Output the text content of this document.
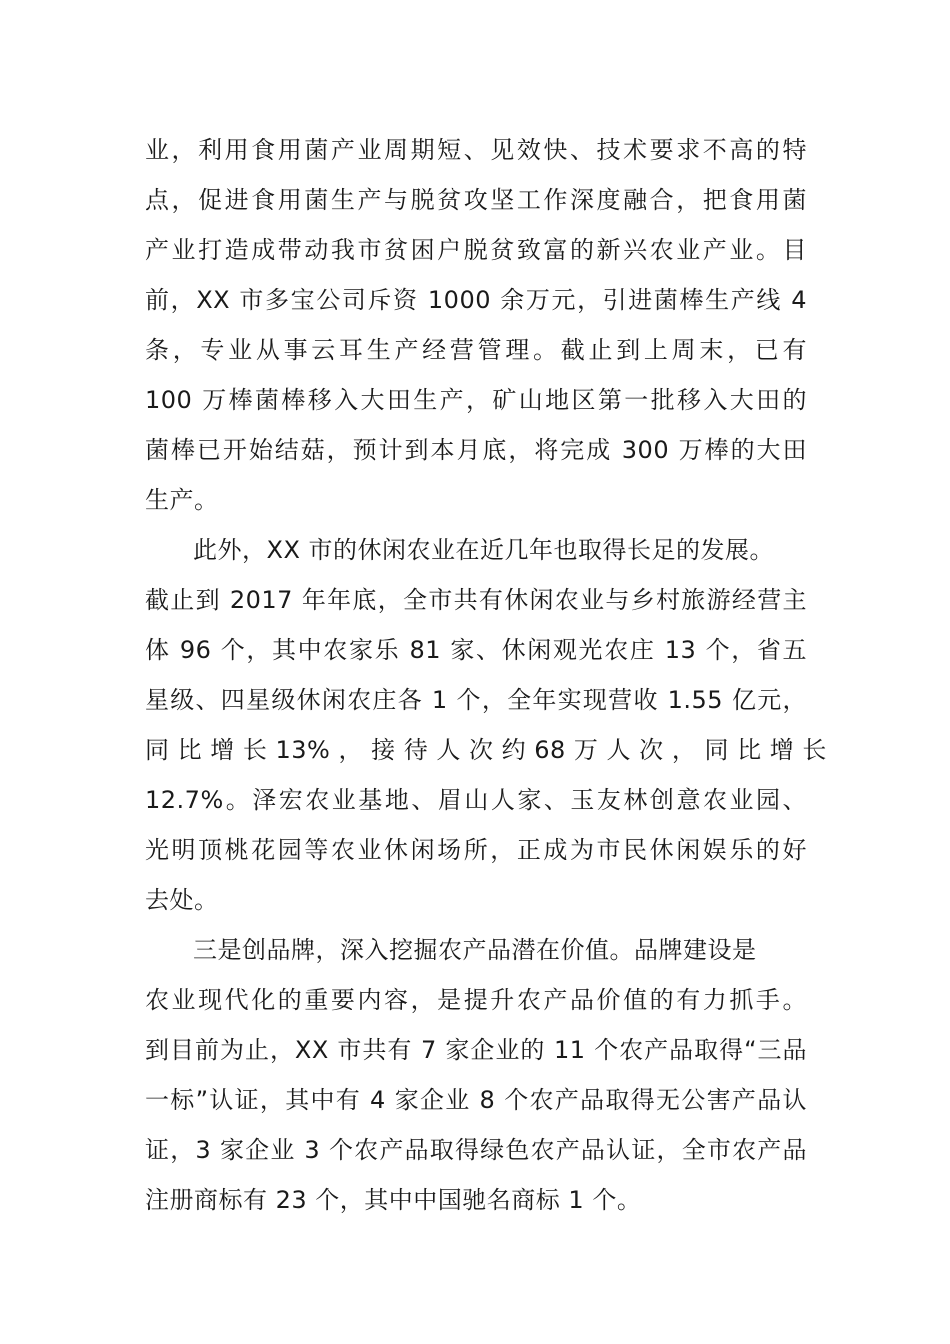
业，利用食用菌产业周期短、见效快、技术要求不高的特
点，促进食用菌生产与脱贫攻坚工作深度融合，把食用菌
产业打造成带动我市贫困户脱贫致富的新兴农业产业。目
前，XX 市多宝公司斥资 1000 余万元，引进菌棒生产线 4
条，专业从事云耳生产经营管理。截止到上周末，已有
100 万棒菌棒移入大田生产，矿山地区第一批移入大田的
菌棒已开始结菇，预计到本月底，将完成 300 万棒的大田
生产。
此外，XX 市的休闲农业在近几年也取得长足的发展。
截止到 2017 年年底，全市共有休闲农业与乡村旅游经营主
体 96 个，其中农家乐 81 家、休闲观光农庄 13 个，省五
星级、四星级休闲农庄各 1 个，全年实现营收 1.55 亿元，
同 比 增 长 13% ， 接 待 人 次 约 68 万 人 次 ， 同 比 增 长
12.7%。泽宏农业基地、眉山人家、玉友林创意农业园、
光明顶桃花园等农业休闲场所，正成为市民休闲娱乐的好
去处。
三是创品牌，深入挖掘农产品潜在价值。品牌建设是
农业现代化的重要内容，是提升农产品价值的有力抓手。
到目前为止，XX 市共有 7 家企业的 11 个农产品取得“三品
一标”认证，其中有 4 家企业 8 个农产品取得无公害产品认
证，3 家企业 3 个农产品取得绿色农产品认证，全市农产品
注册商标有 23 个，其中中国驰名商标 1 个。
